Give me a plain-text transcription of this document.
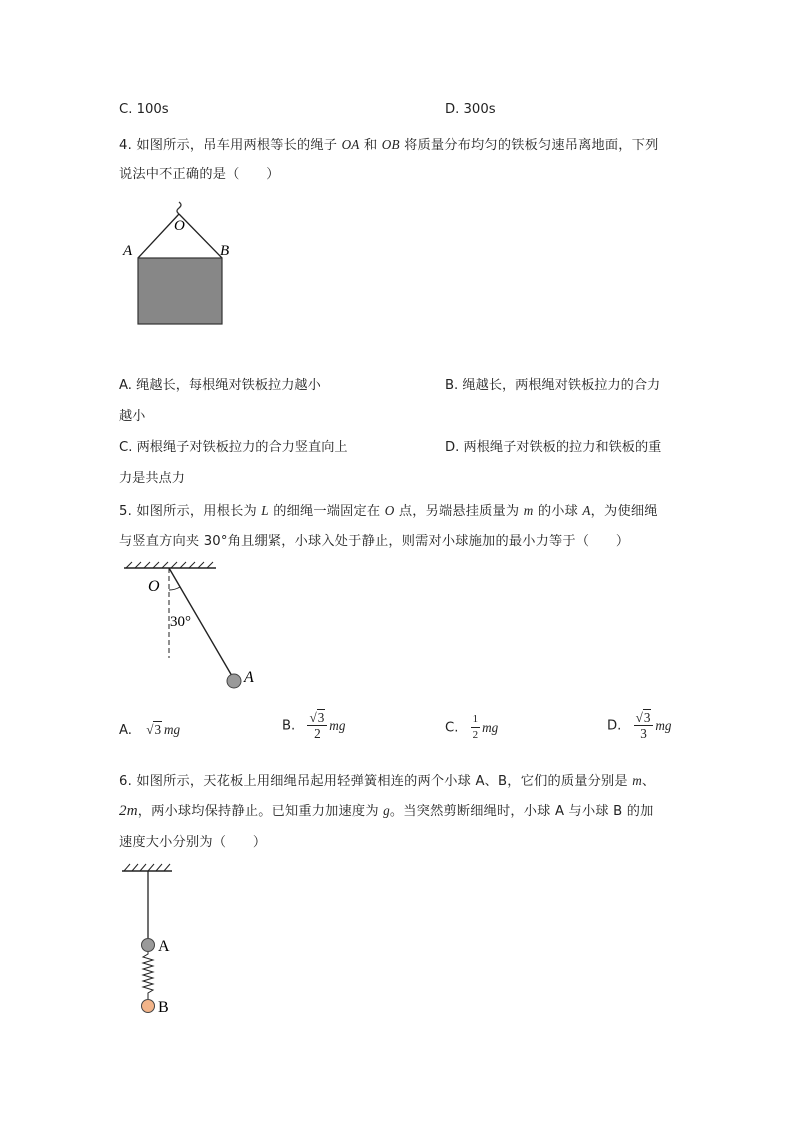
C. 100s	D. 300s
4. 如图所示，吊车用两根等长的绳子 OA 和 OB 将质量分布均匀的铁板匀速吊离地面，下列
说法中不正确的是（　　）
O
A	B
A. 绳越长，每根绳对铁板拉力越小	B. 绳越长，两根绳对铁板拉力的合力
越小
C. 两根绳子对铁板拉力的合力竖直向上	D. 两根绳子对铁板的拉力和铁板的重
力是共点力
5. 如图所示，用根长为 L 的细绳一端固定在 O 点，另端悬挂质量为 m 的小球 A，为使细绳
与竖直方向夹 30°角且绷紧，小球入处于静止，则需对小球施加的最小力等于（　　）
O
30°
A
A. √3 mg	B. $\frac{√3}{2}$ mg	C. $\frac{1}{2}$ mg	D. $\frac{√3}{3}$ mg
6. 如图所示，天花板上用细绳吊起用轻弹簧相连的两个小球 A、B，它们的质量分别是 m、
2m，两小球均保持静止。已知重力加速度为 g。当突然剪断细绳时，小球 A 与小球 B 的加
速度大小分别为（　　）
A
B
